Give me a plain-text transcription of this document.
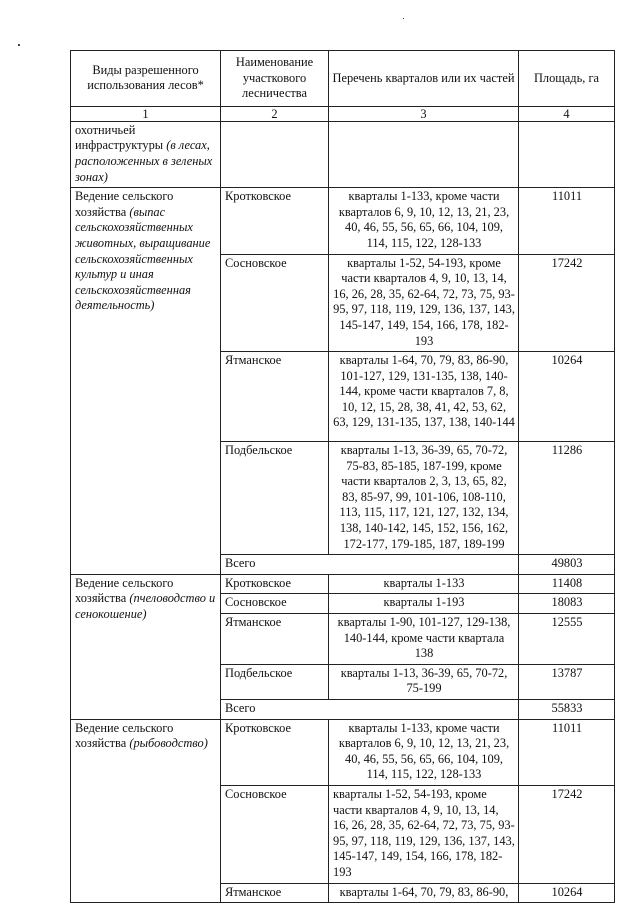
Виды разрешенного использования лесов*	Наименование участкового лесничества	Перечень кварталов или их частей	Площадь, га
1	2	3	4
охотничьей инфраструктуры (в лесах, расположенных в зеленых зонах)			
Ведение сельского хозяйства (выпас сельскохозяйственных животных, выращивание сельскохозяйственных культур и иная сельскохозяйственная деятельность)	Кротковское	кварталы 1-133, кроме части кварталов 6, 9, 10, 12, 13, 21, 23, 40, 46, 55, 56, 65, 66, 104, 109, 114, 115, 122, 128-133	11011
	Сосновское	кварталы 1-52, 54-193, кроме части кварталов 4, 9, 10, 13, 14, 16, 26, 28, 35, 62-64, 72, 73, 75, 93-95, 97, 118, 119, 129, 136, 137, 143, 145-147, 149, 154, 166, 178, 182-193	17242
	Ятманское	кварталы 1-64, 70, 79, 83, 86-90, 101-127, 129, 131-135, 138, 140-144, кроме части кварталов 7, 8, 10, 12, 15, 28, 38, 41, 42, 53, 62, 63, 129, 131-135, 137, 138, 140-144	10264
	Подбельское	кварталы 1-13, 36-39, 65, 70-72, 75-83, 85-185, 187-199, кроме части кварталов 2, 3, 13, 65, 82, 83, 85-97, 99, 101-106, 108-110, 113, 115, 117, 121, 127, 132, 134, 138, 140-142, 145, 152, 156, 162, 172-177, 179-185, 187, 189-199	11286
	Всего		49803
Ведение сельского хозяйства (пчеловодство и сенокошение)	Кротковское	кварталы 1-133	11408
	Сосновское	кварталы 1-193	18083
	Ятманское	кварталы 1-90, 101-127, 129-138, 140-144, кроме части квартала 138	12555
	Подбельское	кварталы 1-13, 36-39, 65, 70-72, 75-199	13787
	Всего		55833
Ведение сельского хозяйства (рыбоводство)	Кротковское	кварталы 1-133, кроме части кварталов 6, 9, 10, 12, 13, 21, 23, 40, 46, 55, 56, 65, 66, 104, 109, 114, 115, 122, 128-133	11011
	Сосновское	кварталы 1-52, 54-193, кроме части кварталов 4, 9, 10, 13, 14, 16, 26, 28, 35, 62-64, 72, 73, 75, 93-95, 97, 118, 119, 129, 136, 137, 143, 145-147, 149, 154, 166, 178, 182-193	17242
	Ятманское	кварталы 1-64, 70, 79, 83, 86-90,	10264
